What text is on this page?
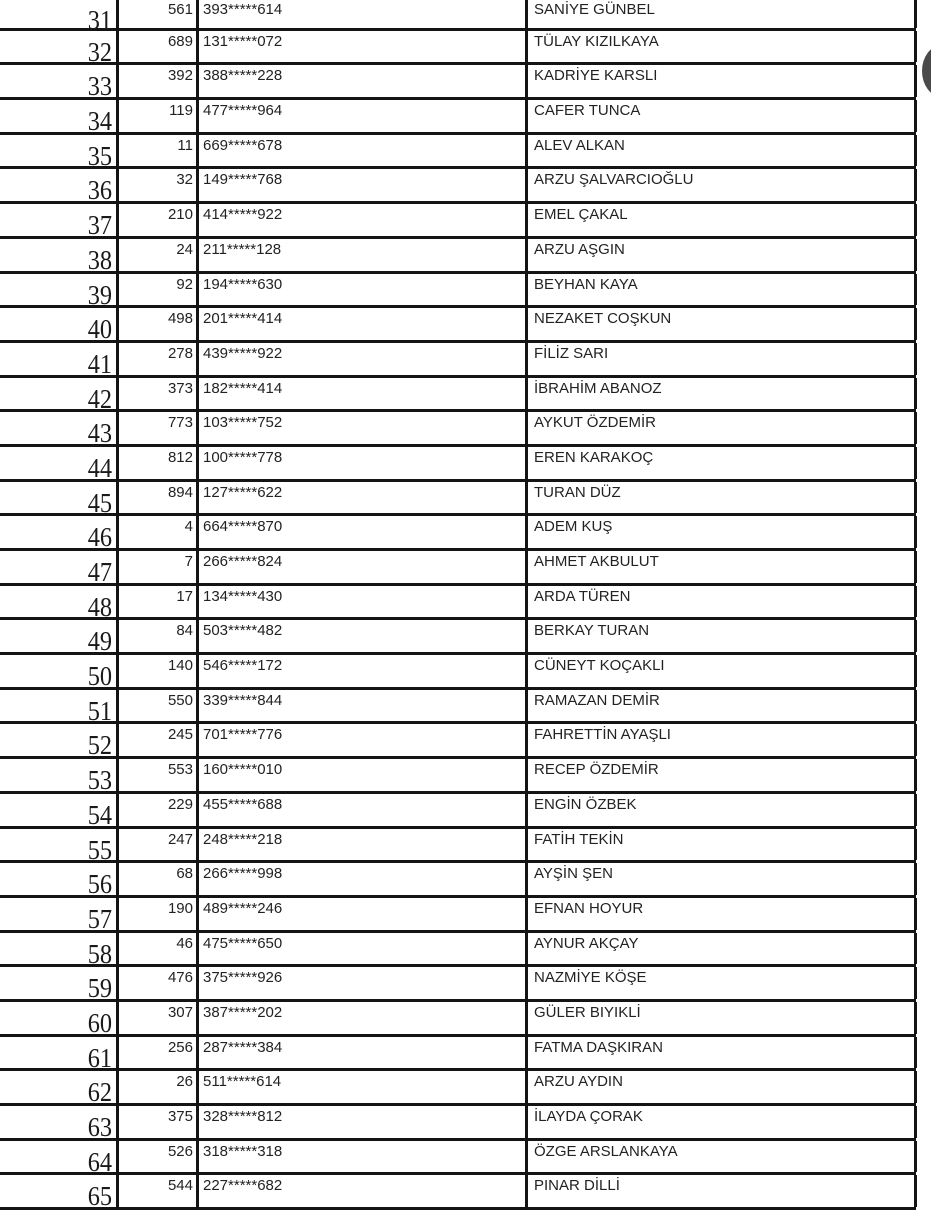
31	561 393*****614	SANİYE GÜNBEL
32	689 131*****072	TÜLAY KIZILKAYA
33	392 388*****228	KADRİYE KARSLI
34	119 477*****964	CAFER TUNCA
35	11 669*****678	ALEV ALKAN
36	32 149*****768	ARZU ŞALVARCIOĞLU
37	210 414*****922	EMEL ÇAKAL
38	24 211*****128	ARZU AŞGIN
39	92 194*****630	BEYHAN KAYA
40	498 201*****414	NEZAKET COŞKUN
41	278 439*****922	FİLİZ SARI
42	373 182*****414	İBRAHİM ABANOZ
43	773 103*****752	AYKUT ÖZDEMİR
44	812 100*****778	EREN KARAKOÇ
45	894 127*****622	TURAN DÜZ
46	4 664*****870	ADEM KUŞ
47	7 266*****824	AHMET AKBULUT
48	17 134*****430	ARDA TÜREN
49	84 503*****482	BERKAY TURAN
50	140 546*****172	CÜNEYT KOÇAKLI
51	550 339*****844	RAMAZAN DEMİR
52	245 701*****776	FAHRETTİN AYAŞLI
53	553 160*****010	RECEP ÖZDEMİR
54	229 455*****688	ENGİN ÖZBEK
55	247 248*****218	FATİH TEKİN
56	68 266*****998	AYŞİN ŞEN
57	190 489*****246	EFNAN HOYUR
58	46 475*****650	AYNUR AKÇAY
59	476 375*****926	NAZMİYE KÖŞE
60	307 387*****202	GÜLER BIYIKLİ
61	256 287*****384	FATMA DAŞKIRAN
62	26 511*****614	ARZU AYDIN
63	375 328*****812	İLAYDA ÇORAK
64	526 318*****318	ÖZGE ARSLANKAYA
65	544 227*****682	PINAR DİLLİ
